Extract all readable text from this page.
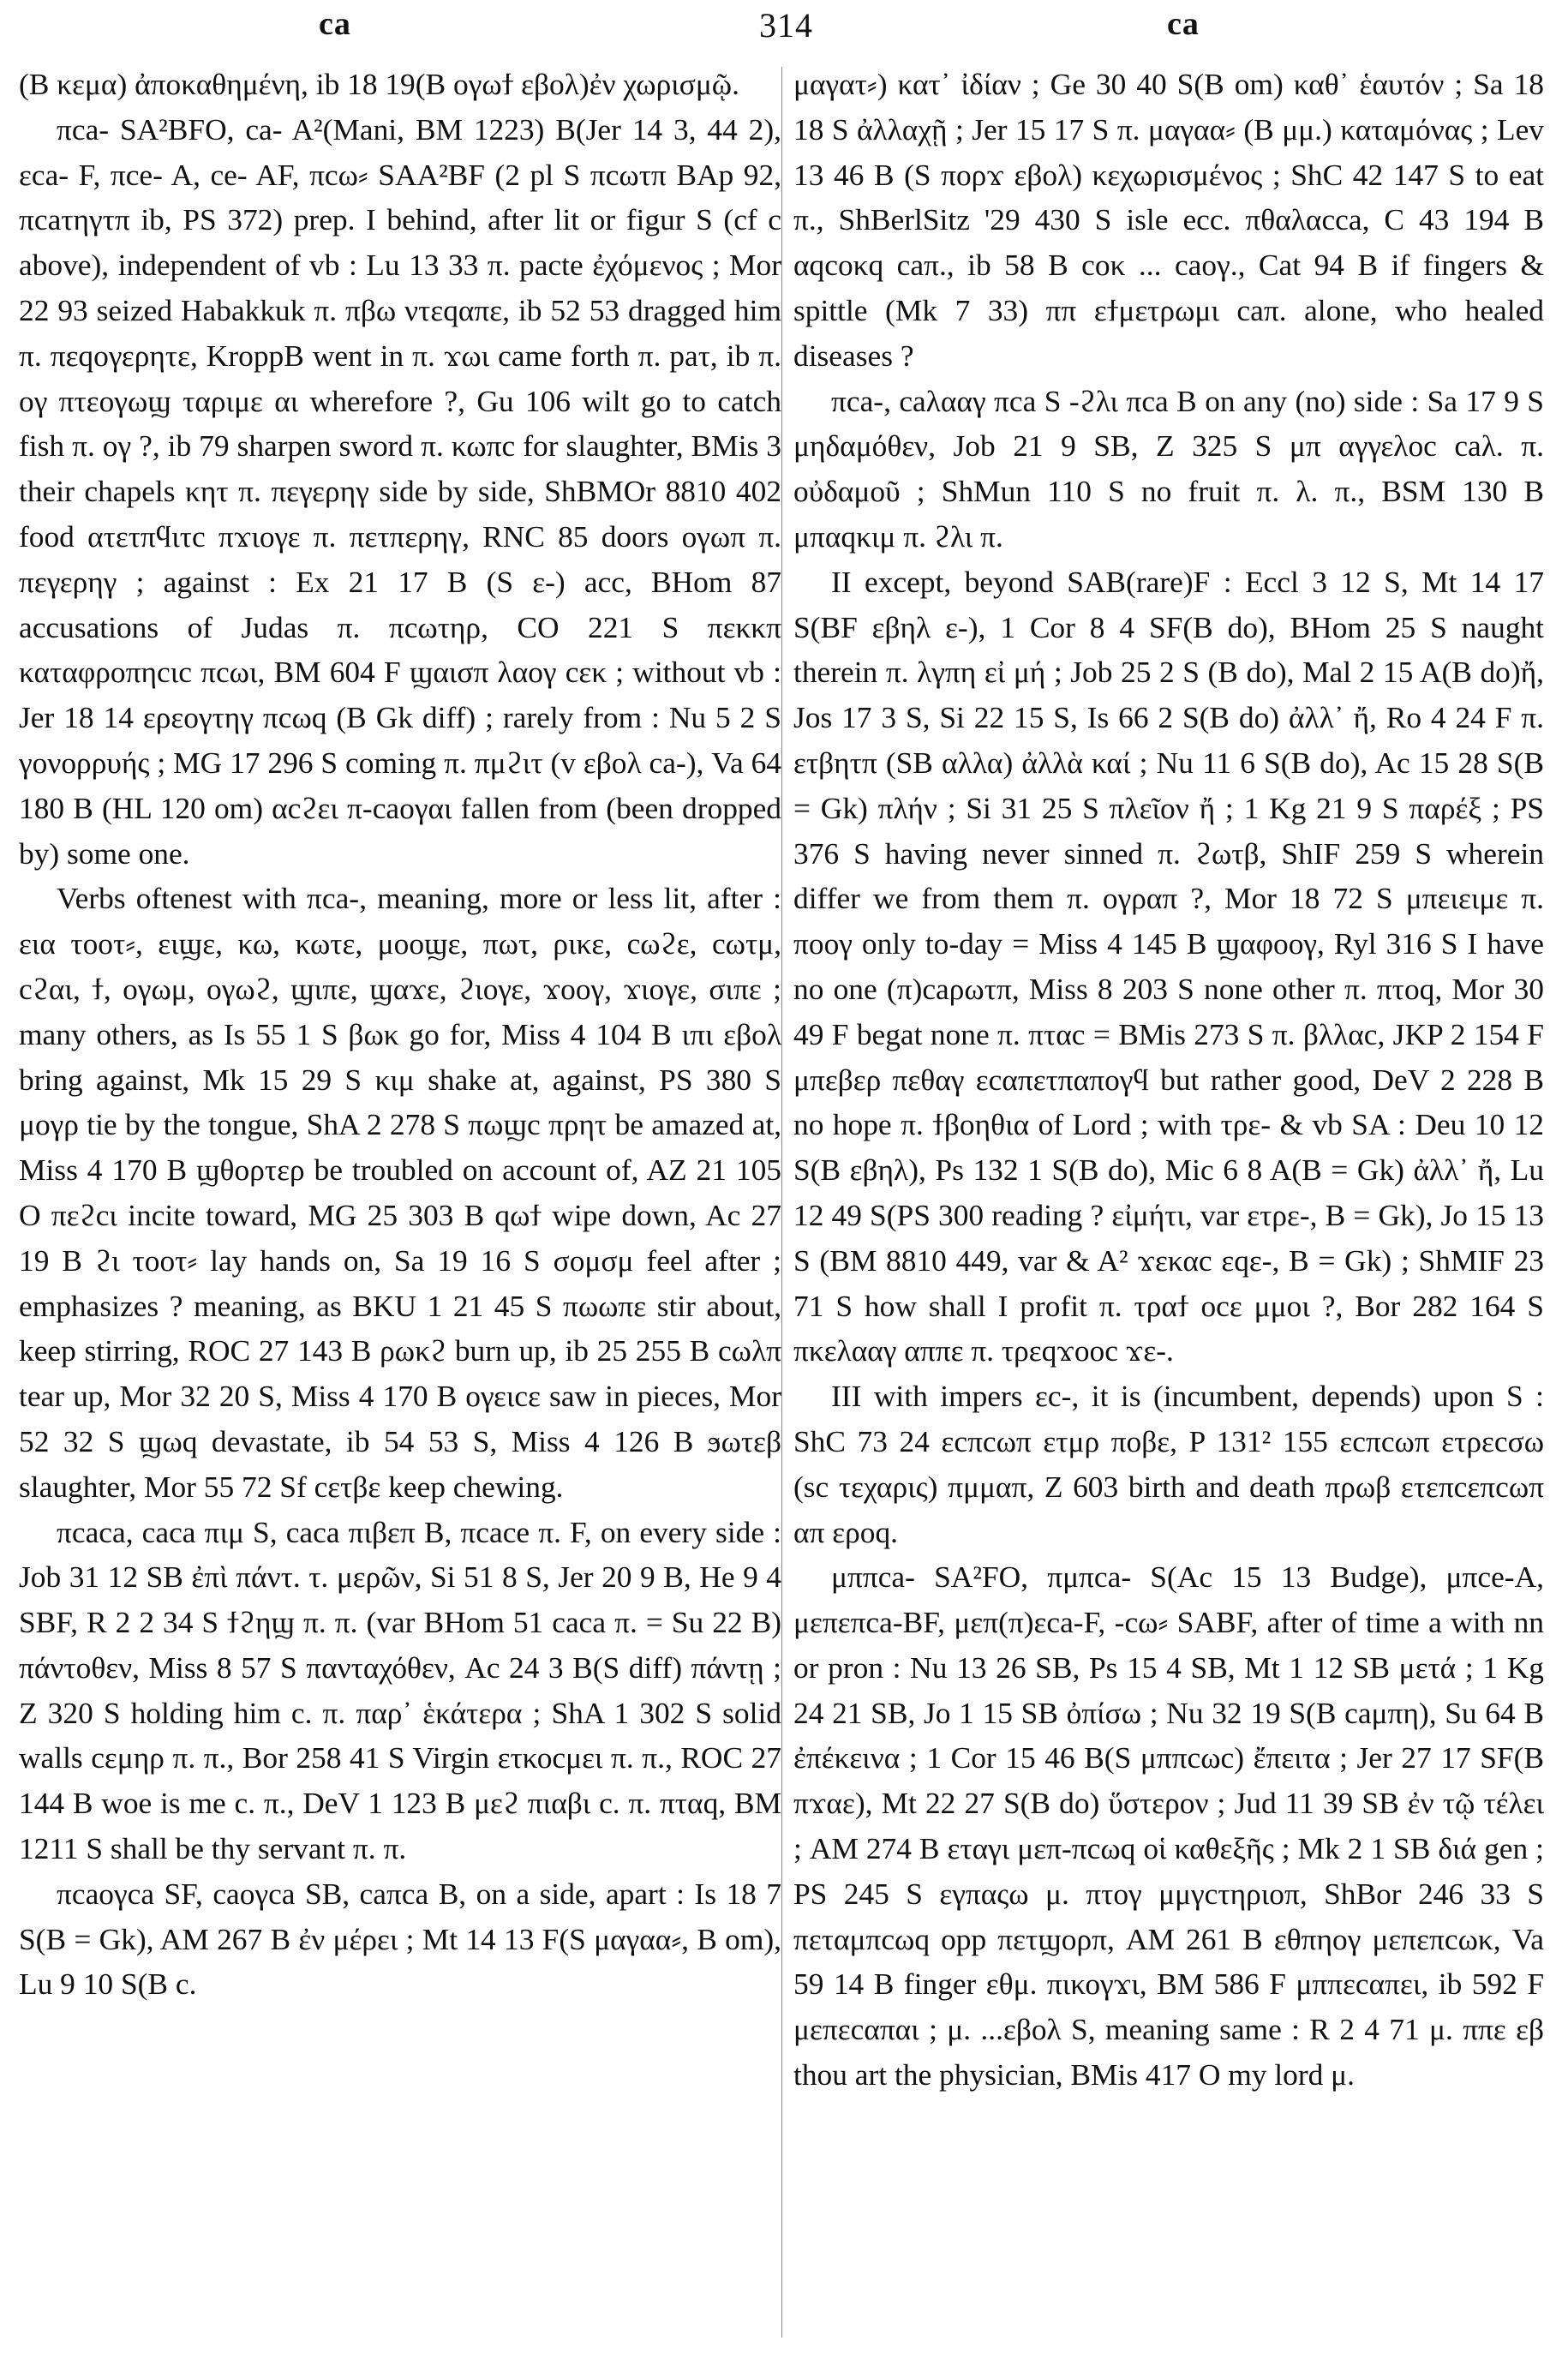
ca	314	ca

(B κεμα) ἀποκαθημένη, ib 18 19(B ογωϯ εβολ)ἐν χωρισμῷ.

πca- SA²BFO, ca- A²(Mani, BM 1223) B(Jer 14 3, 44 2), εca- F, πce- A, ce- AF, πcω⸗ SAA²BF (2 pl S πcωτπ BAp 92, πcaτηγτπ ib, PS 372) prep. I behind, after lit or figur S (cf c above), independent of vb : Lu 13 33 π. pacte ἐχόμενος ; Mor 22 93 seized Habakkuk π. πβω ντεqαπε, ib 52 53 dragged him π. πεqογερητε, KroppB went in π. ϫωι came forth π. paτ, ib π. ογ πτεογωϣ ταριμε αι wherefore ?, Gu 106 wilt go to catch fish π. ογ ?, ib 79 sharpen sword π. κωπc for slaughter, BMis 3 their chapels κητ π. πεγερηγ side by side, ShBMOr 8810 402 food ατετπϥιτc πϫιογε π. πετπερηγ, RNC 85 doors ογωπ π. πεγερηγ ; against : Ex 21 17 B (S ε-) acc, BHom 87 accusations of Judas π. πcωτηρ, CO 221 S πεκκπ καταφροπηcιc πcωι, BM 604 F ϣαισπ λαογ cεκ ; without vb : Jer 18 14 ερεογτηγ πcωq (B Gk diff) ; rarely from : Nu 5 2 S γονορρυής ; MG 17 296 S coming π. πμϩιτ (v εβολ ca-), Va 64 180 B (HL 120 om) αcϩει π-caογαι fallen from (been dropped by) some one.

Verbs oftenest with πca-, meaning, more or less lit, after : εια τοοτ⸗, ειϣε, κω, κωτε, μοοϣε, πωτ, ρικε, cωϩε, cωτμ, cϩαι, ϯ, ογωμ, ογωϩ, ϣιπε, ϣαϫε, ϩιογε, ϫοογ, ϫιογε, σιπε ; many others, as Is 55 1 S βωκ go for, Miss 4 104 B ιπι εβολ bring against, Mk 15 29 S κιμ shake at, against, PS 380 S μογρ tie by the tongue, ShA 2 278 S πωϣc πρητ be amazed at, Miss 4 170 B ϣθορτερ be troubled on account of, AZ 21 105 O πεϩcι incite toward, MG 25 303 B qωϯ wipe down, Ac 27 19 B ϩι τοοτ⸗ lay hands on, Sa 19 16 S σομσμ feel after ; emphasizes ? meaning, as BKU 1 21 45 S πωωπε stir about, keep stirring, ROC 27 143 B ρωκϩ burn up, ib 25 255 B cωλπ tear up, Mor 32 20 S, Miss 4 170 B ογειcε saw in pieces, Mor 52 32 S ϣωq devastate, ib 54 53 S, Miss 4 126 B ϧωτεβ slaughter, Mor 55 72 Sf cετβε keep chewing.

πcaca, caca πιμ S, caca πιβεπ B, πcace π. F, on every side : Job 31 12 SB ἐπὶ πάντ. τ. μερῶν, Si 51 8 S, Jer 20 9 B, He 9 4 SBF, R 2 2 34 S ϯϩηϣ π. π. (var BHom 51 caca π. = Su 22 B) πάντοθεν, Miss 8 57 S πανταχόθεν, Ac 24 3 B(S diff) πάντῃ ; Z 320 S holding him c. π. παρ᾽ ἑκάτερα ; ShA 1 302 S solid walls cεμηρ π. π., Bor 258 41 S Virgin ετκοcμει π. π., ROC 27 144 B woe is me c. π., DeV 1 123 B μεϩ πιαβι c. π. πταq, BM 1211 S shall be thy servant π. π.

πcaογca SF, caογca SB, caπca B, on a side, apart : Is 18 7 S(B = Gk), AM 267 B ἐν μέρει ; Mt 14 13 F(S μαγαα⸗, B om), Lu 9 10 S(B c.

μαγατ⸗) κατ᾽ ἰδίαν ; Ge 30 40 S(B om) καθ᾽ ἑαυτόν ; Sa 18 18 S ἀλλαχῇ ; Jer 15 17 S π. μαγαα⸗ (B μμ.) καταμόνας ; Lev 13 46 B (S πορϫ εβολ) κεχωρισμένος ; ShC 42 147 S to eat π., ShBerlSitz '29 430 S isle ecc. πθαλαcca, C 43 194 B αqcοκq caπ., ib 58 B cοκ ... caογ., Cat 94 B if fingers & spittle (Mk 7 33) ππ εϯμετρωμι caπ. alone, who healed diseases ?

πca-, caλααγ πca S -ϩλι πca B on any (no) side : Sa 17 9 S μηδαμόθεν, Job 21 9 SB, Z 325 S μπ αγγελοc caλ. π. οὐδαμοῦ ; ShMun 110 S no fruit π. λ. π., BSM 130 B μπαqκιμ π. ϩλι π.

II except, beyond SAB(rare)F : Eccl 3 12 S, Mt 14 17 S(BF εβηλ ε-), 1 Cor 8 4 SF(B do), BHom 25 S naught therein π. λγπη εἰ μή ; Job 25 2 S (B do), Mal 2 15 A(B do)ἤ, Jos 17 3 S, Si 22 15 S, Is 66 2 S(B do) ἀλλ᾽ ἤ, Ro 4 24 F π. ετβητπ (SB αλλα) ἀλλὰ καί ; Nu 11 6 S(B do), Ac 15 28 S(B = Gk) πλήν ; Si 31 25 S πλεῖον ἤ ; 1 Kg 21 9 S παρέξ ; PS 376 S having never sinned π. ϩωτβ, ShIF 259 S wherein differ we from them π. ογραπ ?, Mor 18 72 S μπειειμε π. ποογ only to-day = Miss 4 145 B ϣαφοογ, Ryl 316 S I have no one (π)caρωτπ, Miss 8 203 S none other π. πτοq, Mor 30 49 F begat none π. πταc = BMis 273 S π. βλλαc, JKP 2 154 F μπεβερ πεθαγ εcαπετπαπογϥ but rather good, DeV 2 228 B no hope π. ϯβοηθια of Lord ; with τρε- & vb SA : Deu 10 12 S(B εβηλ), Ps 132 1 S(B do), Mic 6 8 A(B = Gk) ἀλλ᾽ ἤ, Lu 12 49 S(PS 300 reading ? εἰμήτι, var ετρε-, B = Gk), Jo 15 13 S (BM 8810 449, var & A² ϫεκαc εqε-, B = Gk) ; ShMIF 23 71 S how shall I profit π. τραϯ οcε μμοι ?, Bor 282 164 S πκελααγ αππε π. τρεqϫοοc ϫε-.

III with impers εc-, it is (incumbent, depends) upon S : ShC 73 24 εcπcωπ ετμρ ποβε, P 131² 155 εcπcωπ ετρεcσω (sc τεχαρις) πμμαπ, Z 603 birth and death πρωβ ετεπcεπcωπ απ εροq.

μππca- SA²FO, πμπca- S(Ac 15 13 Budge), μπce-A, μεπεπca-BF, μεπ(π)εca-F, -cω⸗ SABF, after of time a with nn or pron : Nu 13 26 SB, Ps 15 4 SB, Mt 1 12 SB μετά ; 1 Kg 24 21 SB, Jo 1 15 SB ὀπίσω ; Nu 32 19 S(B caμπη), Su 64 B ἐπέκεινα ; 1 Cor 15 46 B(S μππcωc) ἔπειτα ; Jer 27 17 SF(B πϫαε), Mt 22 27 S(B do) ὕστερον ; Jud 11 39 SB ἐν τῷ τέλει ; AM 274 B εταγι μεπ-πcωq οἱ καθεξῆς ; Mk 2 1 SB διά gen ; PS 245 S εγπαςω μ. πτογ μμγcτηριοπ, ShBor 246 33 S πεταμπcωq opp πετϣορπ, AM 261 B εθπηογ μεπεπcωκ, Va 59 14 B finger εθμ. πικογϫι, BM 586 F μππεcαπει, ib 592 F μεπεcαπαι ; μ. ...εβολ S, meaning same : R 2 4 71 μ. ππε εβ thou art the physician, BMis 417 O my lord μ.
